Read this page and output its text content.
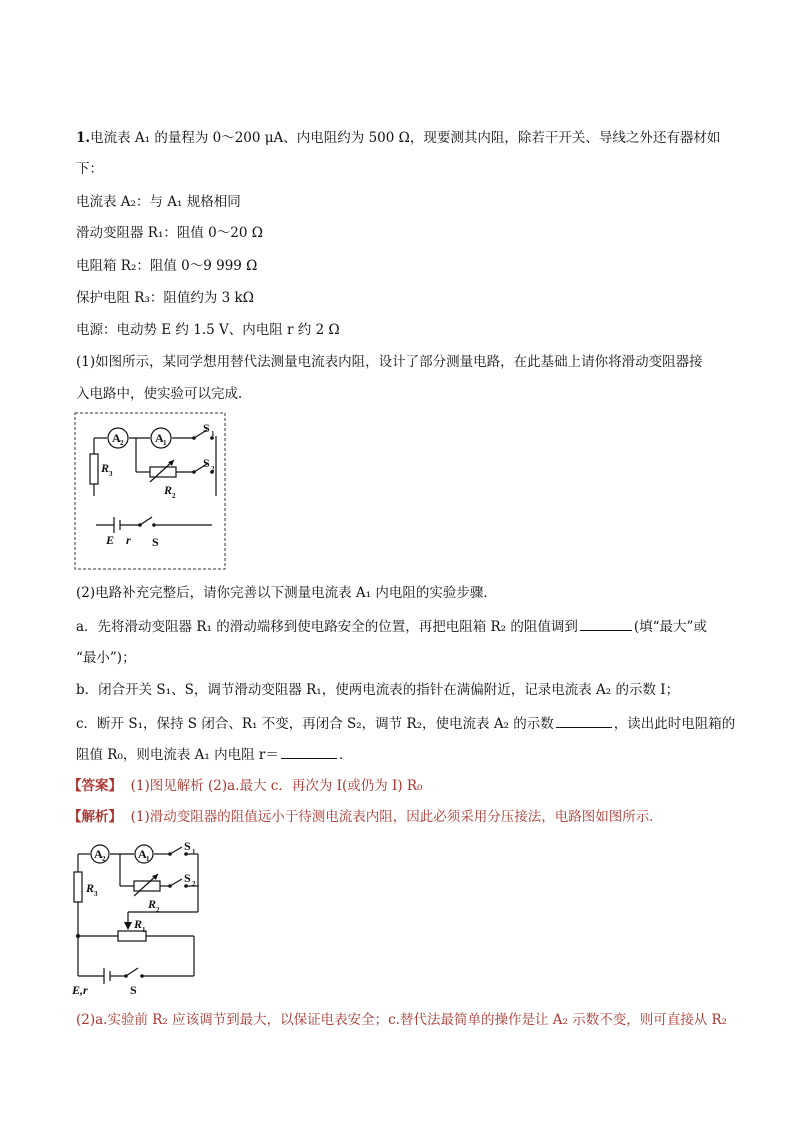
1.电流表 A₁ 的量程为 0～200 μA、内电阻约为 500 Ω，现要测其内阻，除若干开关、导线之外还有器材如
下：
电流表 A₂：与 A₁ 规格相同
滑动变阻器 R₁：阻值 0～20 Ω
电阻箱 R₂：阻值 0～9 999 Ω
保护电阻 R₃：阻值约为 3 kΩ
电源：电动势 E 约 1.5 V、内电阻 r 约 2 Ω
(1)如图所示，某同学想用替代法测量电流表内阻，设计了部分测量电路，在此基础上请你将滑动变阻器接
入电路中，使实验可以完成．
A 2	A 1
S 1
S 2
R 3
R 2
E r S
(2)电路补充完整后，请你完善以下测量电流表 A₁ 内电阻的实验步骤．
a．先将滑动变阻器 R₁ 的滑动端移到使电路安全的位置，再把电阻箱 R₂ 的阻值调到	(填“最大”或
“最小”)；
b．闭合开关 S₁、S，调节滑动变阻器 R₁，使两电流表的指针在满偏附近，记录电流表 A₂ 的示数 I；
c．断开 S₁，保持 S 闭合、R₁ 不变，再闭合 S₂，调节 R₂，使电流表 A₂ 的示数	，读出此时电阻箱的
阻值 R₀，则电流表 A₁ 内电阻 r＝	．
【答案】 (1)图见解析 (2)a.最大 c．再次为 I(或仍为 I) R₀
【解析】 (1)滑动变阻器的阻值远小于待测电流表内阻，因此必须采用分压接法，电路图如图所示．
A 2	A 1
S 1
S 2
R 3
R 2
R 1
E,r	S
(2)a.实验前 R₂ 应该调节到最大，以保证电表安全；c.替代法最简单的操作是让 A₂ 示数不变，则可直接从 R₂
